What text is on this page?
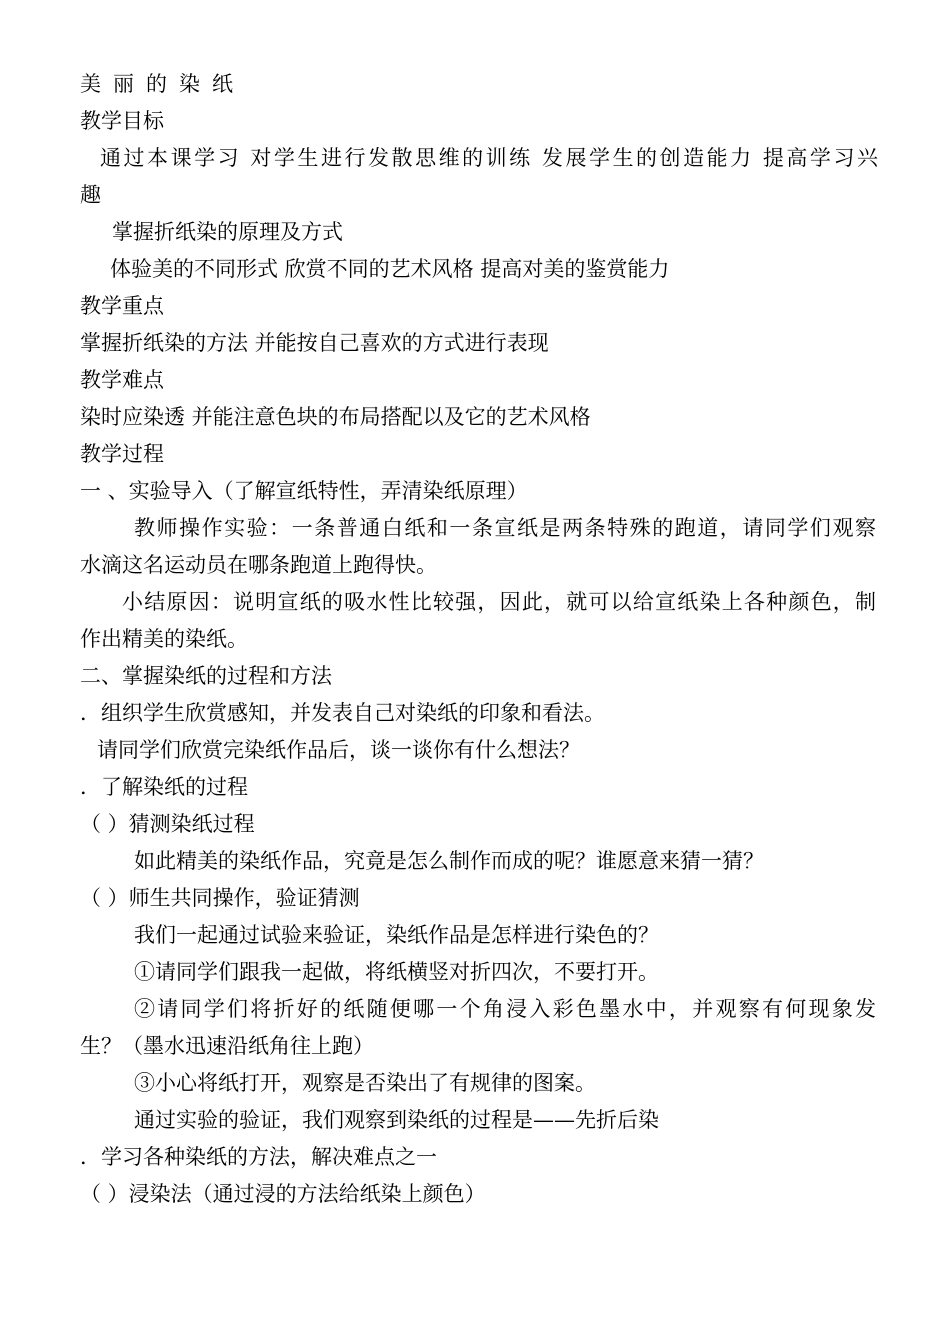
美丽的染纸
教学目标
通过本课学习 对学生进行发散思维的训练 发展学生的创造能力 提高学习兴
趣
掌握折纸染的原理及方式
体验美的不同形式 欣赏不同的艺术风格 提高对美的鉴赏能力
教学重点
掌握折纸染的方法 并能按自己喜欢的方式进行表现
教学难点
染时应染透 并能注意色块的布局搭配以及它的艺术风格
教学过程
一 、实验导入（了解宣纸特性，弄清染纸原理）
教师操作实验：一条普通白纸和一条宣纸是两条特殊的跑道，请同学们观察
水滴这名运动员在哪条跑道上跑得快。
小结原因：说明宣纸的吸水性比较强，因此，就可以给宣纸染上各种颜色，制
作出精美的染纸。
二、掌握染纸的过程和方法
．组织学生欣赏感知，并发表自己对染纸的印象和看法。
请同学们欣赏完染纸作品后，谈一谈你有什么想法？
．了解染纸的过程
（ ）猜测染纸过程
如此精美的染纸作品，究竟是怎么制作而成的呢？谁愿意来猜一猜？
（ ）师生共同操作，验证猜测
我们一起通过试验来验证，染纸作品是怎样进行染色的？
①请同学们跟我一起做，将纸横竖对折四次，不要打开。
②请同学们将折好的纸随便哪一个角浸入彩色墨水中，并观察有何现象发
生？（墨水迅速沿纸角往上跑）
③小心将纸打开，观察是否染出了有规律的图案。
通过实验的验证，我们观察到染纸的过程是——先折后染
．学习各种染纸的方法，解决难点之一
（ ）浸染法（通过浸的方法给纸染上颜色）
